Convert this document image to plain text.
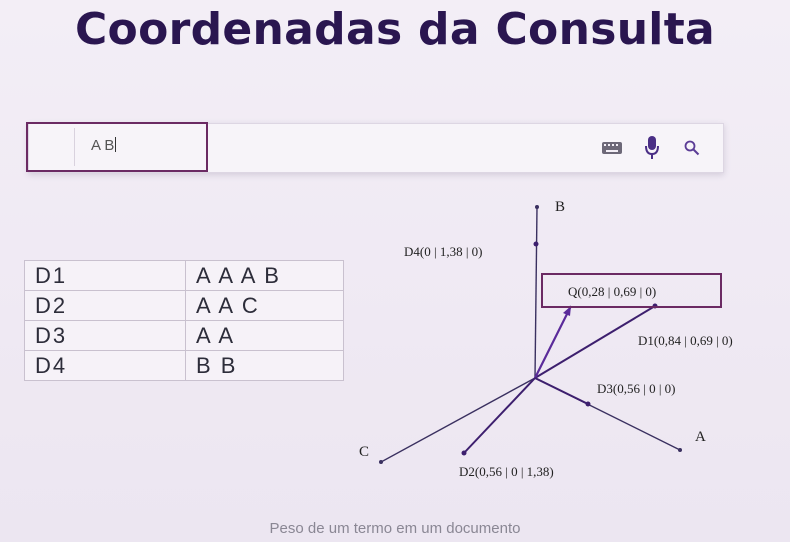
Coordenadas da Consulta
A B
D1	A A A B
D2	A A C
D3	A A
D4	B B
B
A
C
D4(0 | 1,38 | 0)
Q(0,28 | 0,69 | 0)
D1(0,84 | 0,69 | 0)
D3(0,56 | 0 | 0)
D2(0,56 | 0 | 1,38)
Peso de um termo em um documento
